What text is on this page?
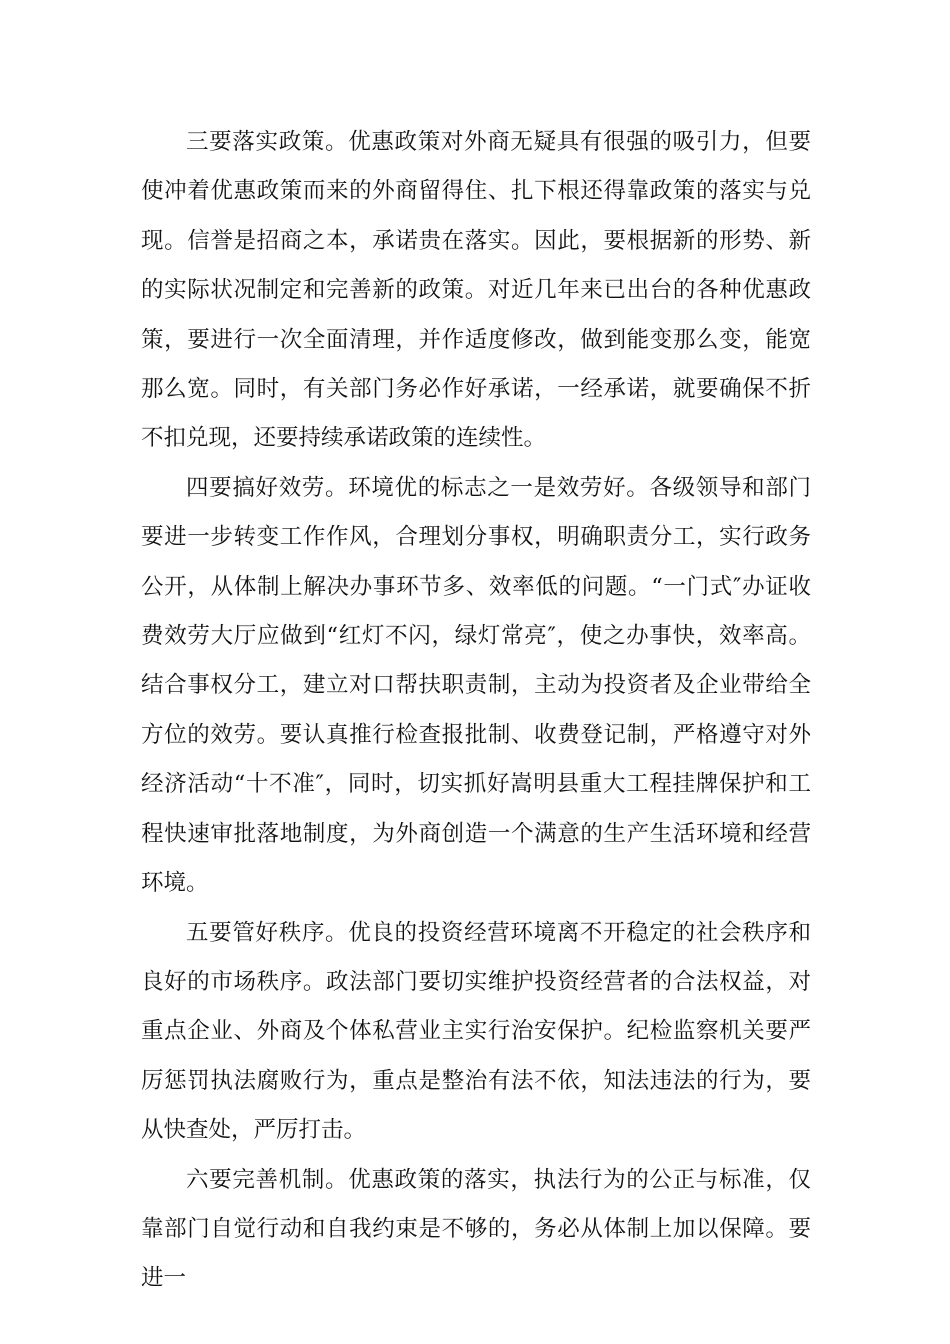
三要落实政策。优惠政策对外商无疑具有很强的吸引力，但要使冲着优惠政策而来的外商留得住、扎下根还得靠政策的落实与兑现。信誉是招商之本，承诺贵在落实。因此，要根据新的形势、新的实际状况制定和完善新的政策。对近几年来已出台的各种优惠政策，要进行一次全面清理，并作适度修改，做到能变那么变，能宽那么宽。同时，有关部门务必作好承诺，一经承诺，就要确保不折不扣兑现，还要持续承诺政策的连续性。

四要搞好效劳。环境优的标志之一是效劳好。各级领导和部门要进一步转变工作作风，合理划分事权，明确职责分工，实行政务公开，从体制上解决办事环节多、效率低的问题。“一门式″办证收费效劳大厅应做到“红灯不闪，绿灯常亮″，使之办事快，效率高。结合事权分工，建立对口帮扶职责制，主动为投资者及企业带给全方位的效劳。要认真推行检查报批制、收费登记制，严格遵守对外经济活动“十不准″，同时，切实抓好嵩明县重大工程挂牌保护和工程快速审批落地制度，为外商创造一个满意的生产生活环境和经营环境。

五要管好秩序。优良的投资经营环境离不开稳定的社会秩序和良好的市场秩序。政法部门要切实维护投资经营者的合法权益，对重点企业、外商及个体私营业主实行治安保护。纪检监察机关要严厉惩罚执法腐败行为，重点是整治有法不依，知法违法的行为，要从快查处，严厉打击。

六要完善机制。优惠政策的落实，执法行为的公正与标准，仅靠部门自觉行动和自我约束是不够的，务必从体制上加以保障。要进一
